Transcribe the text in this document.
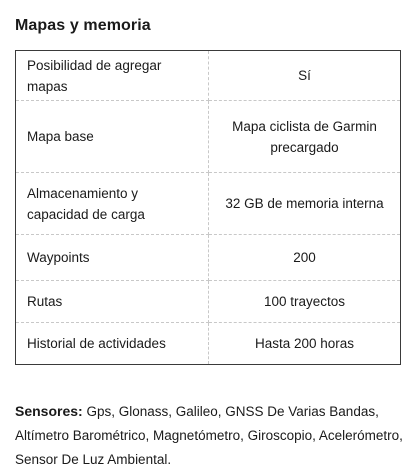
Mapas y memoria
Posibilidad de agregar mapas	Sí
Mapa base	Mapa ciclista de Garmin precargado
Almacenamiento y capacidad de carga	32 GB de memoria interna
Waypoints	200
Rutas	100 trayectos
Historial de actividades	Hasta 200 horas

Sensores: Gps, Glonass, Galileo, GNSS De Varias Bandas, Altímetro Barométrico, Magnetómetro, Giroscopio, Acelerómetro, Sensor De Luz Ambiental.
